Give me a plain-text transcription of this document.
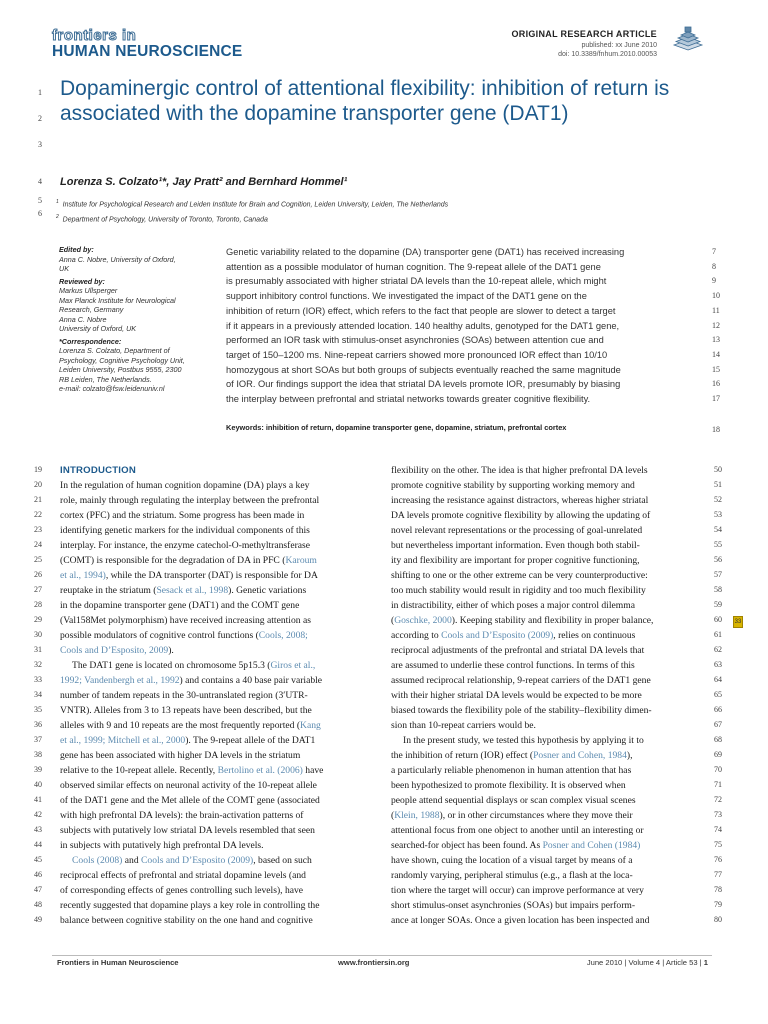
frontiers in
HUMAN NEUROSCIENCE
ORIGINAL RESEARCH ARTICLE
published: xx June 2010
doi: 10.3389/fnhum.2010.00053
Dopaminergic control of attentional flexibility: inhibition of return is associated with the dopamine transporter gene (DAT1)
Lorenza S. Colzato¹*, Jay Pratt² and Bernhard Hommel¹
$^1$ Institute for Psychological Research and Leiden Institute for Brain and Cognition, Leiden University, Leiden, The Netherlands
$^2$ Department of Psychology, University of Toronto, Toronto, Canada
1
2
3
4
5
6
Edited by:
Anna C. Nobre, University of Oxford,
UK
Reviewed by:
Markus Ullsperger
Max Planck Institute for Neurological
Research, Germany
Anna C. Nobre
University of Oxford, UK
*Correspondence:
Lorenza S. Colzato, Department of
Psychology, Cognitive Psychology Unit,
Leiden University, Postbus 9555, 2300
RB Leiden, The Netherlands.
e-mail: colzato@fsw.leidenuniv.nl
Genetic variability related to the dopamine (DA) transporter gene (DAT1) has received increasing
attention as a possible modulator of human cognition. The 9-repeat allele of the DAT1 gene
is presumably associated with higher striatal DA levels than the 10-repeat allele, which might
support inhibitory control functions. We investigated the impact of the DAT1 gene on the
inhibition of return (IOR) effect, which refers to the fact that people are slower to detect a target
if it appears in a previously attended location. 140 healthy adults, genotyped for the DAT1 gene,
performed an IOR task with stimulus-onset asynchronies (SOAs) between attention cue and
target of 150–1200 ms. Nine-repeat carriers showed more pronounced IOR effect than 10/10
homozygous at short SOAs but both groups of subjects eventually reached the same magnitude
of IOR. Our findings support the idea that striatal DA levels promote IOR, presumably by biasing
the interplay between prefrontal and striatal networks towards greater cognitive flexibility.
Keywords: inhibition of return, dopamine transporter gene, dopamine, striatum, prefrontal cortex
7
8
9
10
11
12
13
14
15
16
17
18
INTRODUCTION
In the regulation of human cognition dopamine (DA) plays a key
role, mainly through regulating the interplay between the prefrontal
cortex (PFC) and the striatum. Some progress has been made in
identifying genetic markers for the individual components of this
interplay. For instance, the enzyme catechol-O-methyltransferase
(COMT) is responsible for the degradation of DA in PFC (Karoum
et al., 1994), while the DA transporter (DAT) is responsible for DA
reuptake in the striatum (Sesack et al., 1998). Genetic variations
in the dopamine transporter gene (DAT1) and the COMT gene
(Val158Met polymorphism) have received increasing attention as
possible modulators of cognitive control functions (Cools, 2008;
Cools and D’Esposito, 2009).
The DAT1 gene is located on chromosome 5p15.3 (Giros et al.,
1992; Vandenbergh et al., 1992) and contains a 40 base pair variable
number of tandem repeats in the 30-untranslated region (3′UTR-
VNTR). Alleles from 3 to 13 repeats have been described, but the
alleles with 9 and 10 repeats are the most frequently reported (Kang
et al., 1999; Mitchell et al., 2000). The 9-repeat allele of the DAT1
gene has been associated with higher DA levels in the striatum
relative to the 10-repeat allele. Recently, Bertolino et al. (2006) have
observed similar effects on neuronal activity of the 10-repeat allele
of the DAT1 gene and the Met allele of the COMT gene (associated
with high prefrontal DA levels): the brain-activation patterns of
subjects with putatively low striatal DA levels resembled that seen
in subjects with putatively high prefrontal DA levels.
Cools (2008) and Cools and D’Esposito (2009), based on such
reciprocal effects of prefrontal and striatal dopamine levels (and
of corresponding effects of genes controlling such levels), have
recently suggested that dopamine plays a key role in controlling the
balance between cognitive stability on the one hand and cognitive
flexibility on the other. The idea is that higher prefrontal DA levels
promote cognitive stability by supporting working memory and
increasing the resistance against distractors, whereas higher striatal
DA levels promote cognitive flexibility by allowing the updating of
novel relevant representations or the processing of goal-unrelated
but nevertheless important information. Even though both stabil-
ity and flexibility are important for proper cognitive functioning,
shifting to one or the other extreme can be very counterproductive:
too much stability would result in rigidity and too much flexibility
in distractibility, either of which poses a major control dilemma
(Goschke, 2000). Keeping stability and flexibility in proper balance,
according to Cools and D’Esposito (2009), relies on continuous
reciprocal adjustments of the prefrontal and striatal DA levels that
are assumed to underlie these control functions. In terms of this
assumed reciprocal relationship, 9-repeat carriers of the DAT1 gene
with their higher striatal DA levels would be expected to be more
biased towards the flexibility pole of the stability–flexibility dimen-
sion than 10-repeat carriers would be.
In the present study, we tested this hypothesis by applying it to
the inhibition of return (IOR) effect (Posner and Cohen, 1984),
a particularly reliable phenomenon in human attention that has
been hypothesized to promote flexibility. It is observed when
people attend sequential displays or scan complex visual scenes
(Klein, 1988), or in other circumstances where they move their
attentional focus from one object to another until an interesting or
searched-for object has been found. As Posner and Cohen (1984)
have shown, cuing the location of a visual target by means of a
randomly varying, peripheral stimulus (e.g., a flash at the loca-
tion where the target will occur) can improve performance at very
short stimulus-onset asynchronies (SOAs) but impairs perform-
ance at longer SOAs. Once a given location has been inspected and
19
20
21
22
23
24
25
26
27
28
29
30
31
32
33
34
35
36
37
38
39
40
41
42
43
44
45
46
47
48
49
50
51
52
53
54
55
56
57
58
59
60
61
62
63
64
65
66
67
68
69
70
71
72
73
74
75
76
77
78
79
80
33
Frontiers in Human Neuroscience	www.frontiersin.org	June 2010 | Volume 4 | Article 53 | 1
